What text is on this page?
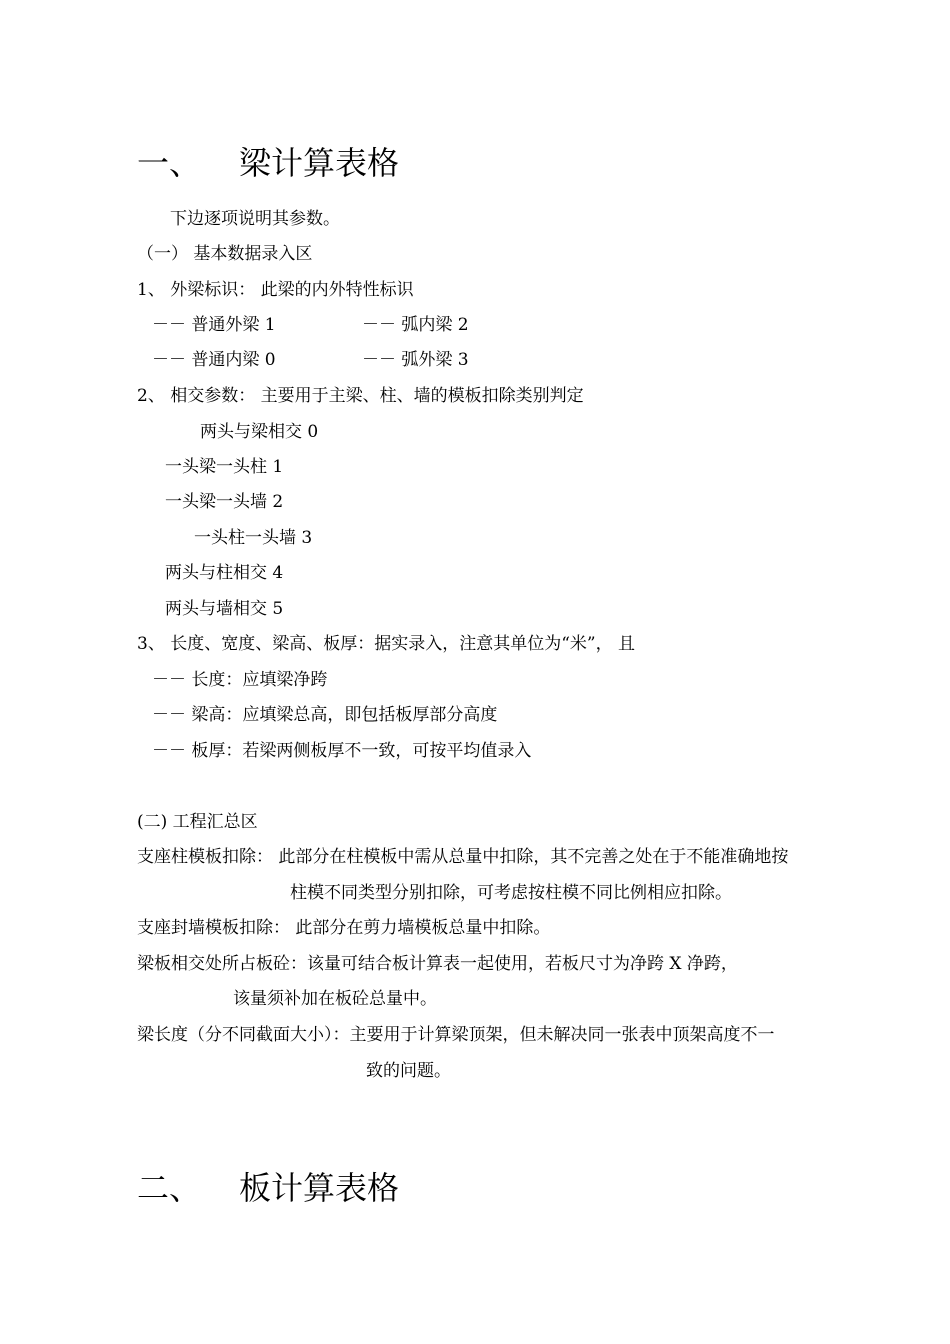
一、 梁计算表格
下边逐项说明其参数。
（一） 基本数据录入区
1、 外梁标识： 此梁的内外特性标识
－－ 普通外梁 1	－－ 弧内梁 2
－－ 普通内梁 0	－－ 弧外梁 3
2、 相交参数： 主要用于主梁、柱、墙的模板扣除类别判定
两头与梁相交 0
一头梁一头柱 1
一头梁一头墙 2
一头柱一头墙 3
两头与柱相交 4
两头与墙相交 5
3、 长度、宽度、梁高、板厚：据实录入，注意其单位为“米”， 且
－－ 长度：应填梁净跨
－－ 梁高：应填梁总高，即包括板厚部分高度
－－ 板厚：若梁两侧板厚不一致，可按平均值录入
(二) 工程汇总区
支座柱模板扣除： 此部分在柱模板中需从总量中扣除，其不完善之处在于不能准确地按
柱模不同类型分别扣除，可考虑按柱模不同比例相应扣除。
支座封墙模板扣除： 此部分在剪力墙模板总量中扣除。
梁板相交处所占板砼：该量可结合板计算表一起使用，若板尺寸为净跨 X 净跨，
该量须补加在板砼总量中。
梁长度（分不同截面大小）：主要用于计算梁顶架，但未解决同一张表中顶架高度不一
致的问题。
二、 板计算表格
